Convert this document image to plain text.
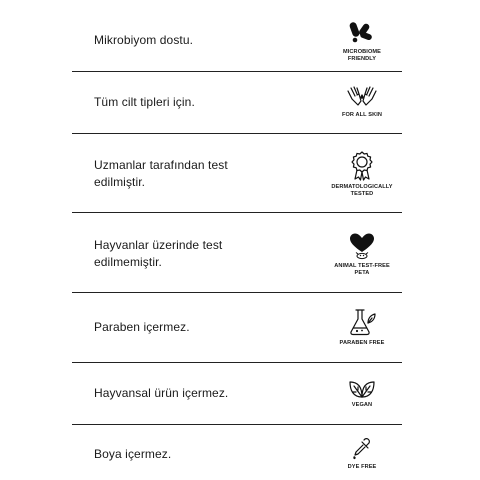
Mikrobiyom dostu.
MICROBIOME
FRIENDLY
Tüm cilt tipleri için.
FOR ALL SKIN
Uzmanlar tarafından test edilmiştir.	DERMATOLOGICALLY
TESTED
Hayvanlar üzerinde test edilmemiştir.	ANIMAL TEST-FREE
PETA
Paraben içermez.
PARABEN FREE
Hayvansal ürün içermez.
VEGAN
Boya içermez.
DYE FREE
